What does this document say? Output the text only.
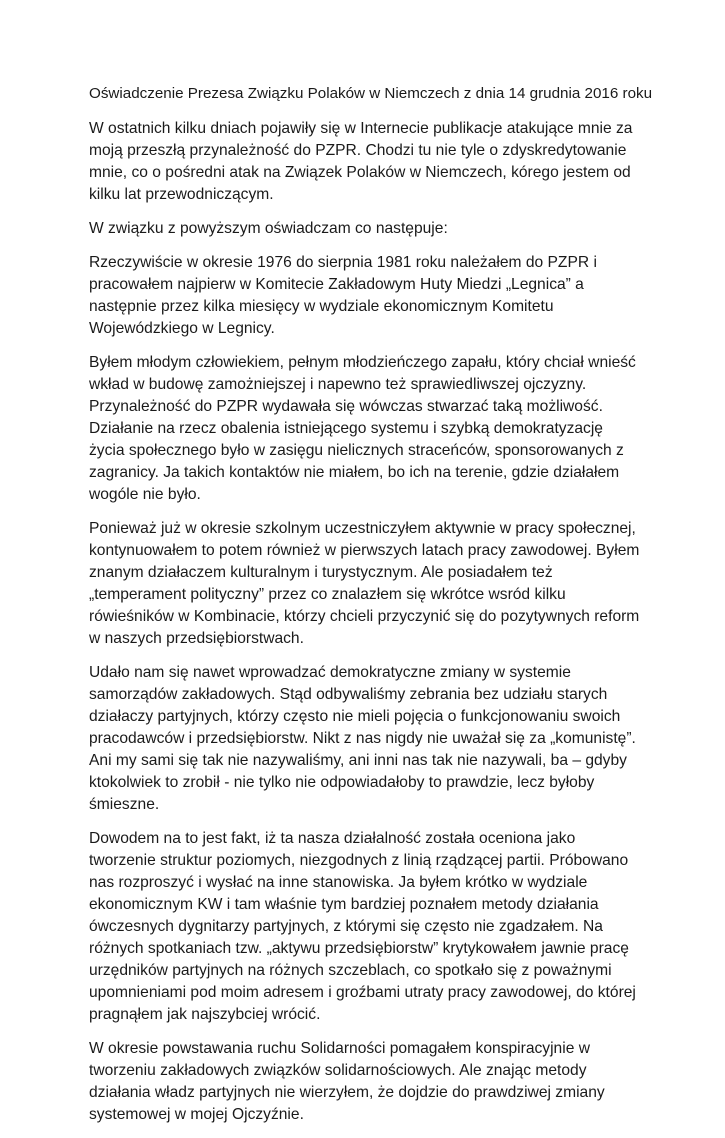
Oświadczenie Prezesa Związku Polaków w Niemczech z dnia 14 grudnia 2016 roku

W ostatnich kilku dniach pojawiły się w Internecie publikacje atakujące mnie za moją przeszłą przynależność do PZPR. Chodzi tu nie tyle o zdyskredytowanie mnie, co o pośredni atak na Związek Polaków w Niemczech, kórego jestem od kilku lat przewodniczącym.

W związku z powyższym oświadczam co następuje:

Rzeczywiście w okresie 1976 do sierpnia 1981 roku należałem do PZPR i pracowałem najpierw w Komitecie Zakładowym Huty Miedzi „Legnica” a następnie przez kilka miesięcy w wydziale ekonomicznym Komitetu Wojewódzkiego w Legnicy.

Byłem młodym człowiekiem, pełnym młodzieńczego zapału, który chciał wnieść wkład w budowę zamożniejszej i napewno też sprawiedliwszej ojczyzny. Przynależność do PZPR wydawała się wówczas stwarzać taką możliwość. Działanie na rzecz obalenia istniejącego systemu i szybką demokratyzację życia społecznego było w zasięgu nielicznych straceńców, sponsorowanych z zagranicy. Ja takich kontaktów nie miałem, bo ich na terenie, gdzie działałem wogóle nie było.

Ponieważ już w okresie szkolnym uczestniczyłem aktywnie w pracy społecznej, kontynuowałem to potem również w pierwszych latach pracy zawodowej. Byłem znanym działaczem kulturalnym i turystycznym. Ale posiadałem też „temperament polityczny” przez co znalazłem się wkrótce wsród kilku rówieśników w Kombinacie, którzy chcieli przyczynić się do pozytywnych reform w naszych przedsiębiorstwach.

Udało nam się nawet wprowadzać demokratyczne zmiany w systemie samorządów zakładowych. Stąd odbywaliśmy zebrania bez udziału starych działaczy partyjnych, którzy często nie mieli pojęcia o funkcjonowaniu swoich pracodawców i przedsiębiorstw. Nikt z nas nigdy nie uważał się za „komunistę”. Ani my sami się tak nie nazywaliśmy, ani inni nas tak nie nazywali, ba – gdyby ktokolwiek to zrobił - nie tylko nie odpowiadałoby to prawdzie, lecz byłoby śmieszne.

Dowodem na to jest fakt, iż ta nasza działalność została oceniona jako tworzenie struktur poziomych, niezgodnych z linią rządzącej partii. Próbowano nas rozproszyć i wysłać na inne stanowiska. Ja byłem krótko w wydziale ekonomicznym KW i tam właśnie tym bardziej poznałem metody działania ówczesnych dygnitarzy partyjnych, z którymi się często nie zgadzałem. Na różnych spotkaniach tzw. „aktywu przedsiębiorstw” krytykowałem jawnie pracę urzędników partyjnych na różnych szczeblach, co spotkało się z poważnymi upomnieniami pod moim adresem i groźbami utraty pracy zawodowej, do której pragnąłem jak najszybciej wrócić.

W okresie powstawania ruchu Solidarności pomagałem konspiracyjnie w tworzeniu zakładowych związków solidarnościowych. Ale znając metody działania władz partyjnych nie wierzyłem, że dojdzie do prawdziwej zmiany systemowej w mojej Ojczyźnie.
